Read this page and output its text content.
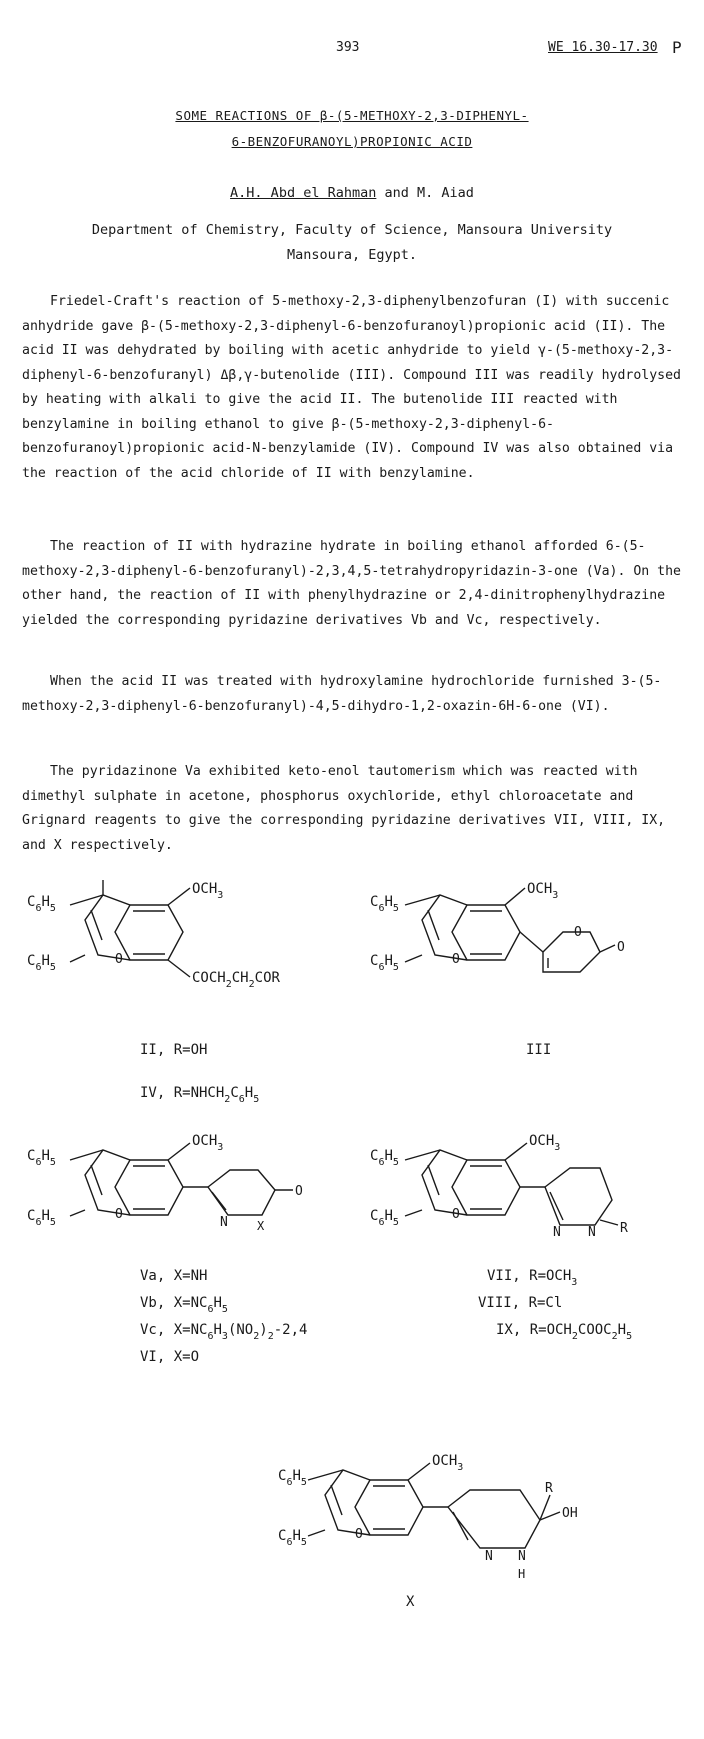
393	WE 16.30-17.30 P
SOME REACTIONS OF β-(5-METHOXY-2,3-DIPHENYL-
6-BENZOFURANOYL)PROPIONIC ACID
A.H. Abd el Rahman and M. Aiad
Department of Chemistry, Faculty of Science, Mansoura University
Mansoura, Egypt.

Friedel-Craft's reaction of 5-methoxy-2,3-diphenylbenzofuran (I) with succenic anhydride gave β-(5-methoxy-2,3-diphenyl-6-benzofuranoyl)propionic acid (II). The acid II was dehydrated by boiling with acetic anhydride to yield γ-(5-methoxy-2,3-diphenyl-6-benzofuranyl) Δβ,γ-butenolide (III). Compound III was readily hydrolysed by heating with alkali to give the acid II. The butenolide III reacted with benzylamine in boiling ethanol to give β-(5-methoxy-2,3-diphenyl-6-benzofuranoyl)propionic acid-N-benzylamide (IV). Compound IV was also obtained via the reaction of the acid chloride of II with benzylamine.

The reaction of II with hydrazine hydrate in boiling ethanol afforded 6-(5-methoxy-2,3-diphenyl-6-benzofuranyl)-2,3,4,5-tetrahydropyridazin-3-one (Va). On the other hand, the reaction of II with phenylhydrazine or 2,4-dinitrophenylhydrazine yielded the corresponding pyridazine derivatives Vb and Vc, respectively.

When the acid II was treated with hydroxylamine hydrochloride furnished 3-(5-methoxy-2,3-diphenyl-6-benzofuranyl)-4,5-dihydro-1,2-oxazin-6H-6-one (VI).

The pyridazinone Va exhibited keto-enol tautomerism which was reacted with dimethyl sulphate in acetone, phosphorus oxychloride, ethyl chloroacetate and Grignard reagents to give the corresponding pyridazine derivatives VII, VIII, IX, and X respectively.

$C_6H_5$
$C_6H_5$
O
$OCH_3$
$COCH_2CH_2COR$
$C_6H_5$
$C_6H_5$
O
$OCH_3$
O
O
$C_6H_5$
$C_6H_5$
O
$OCH_3$
N X
O
$C_6H_5$
$C_6H_5$
O
$OCH_3$
N N R
$C_6H_5$
$C_6H_5$
O
$OCH_3$
N N
H
R
OH
II, R=OH
IV, $R=NHCH_2C_6H_5$
III
Va, X=NH
Vb, $X=NC_6H_5$
Vc, $X=NC_6H_3(NO_2)_2-2,4$
VI, X=O
VII, $R=OCH_3$
VIII, R=Cl
IX, $R=OCH_2COOC_2H_5$
X
